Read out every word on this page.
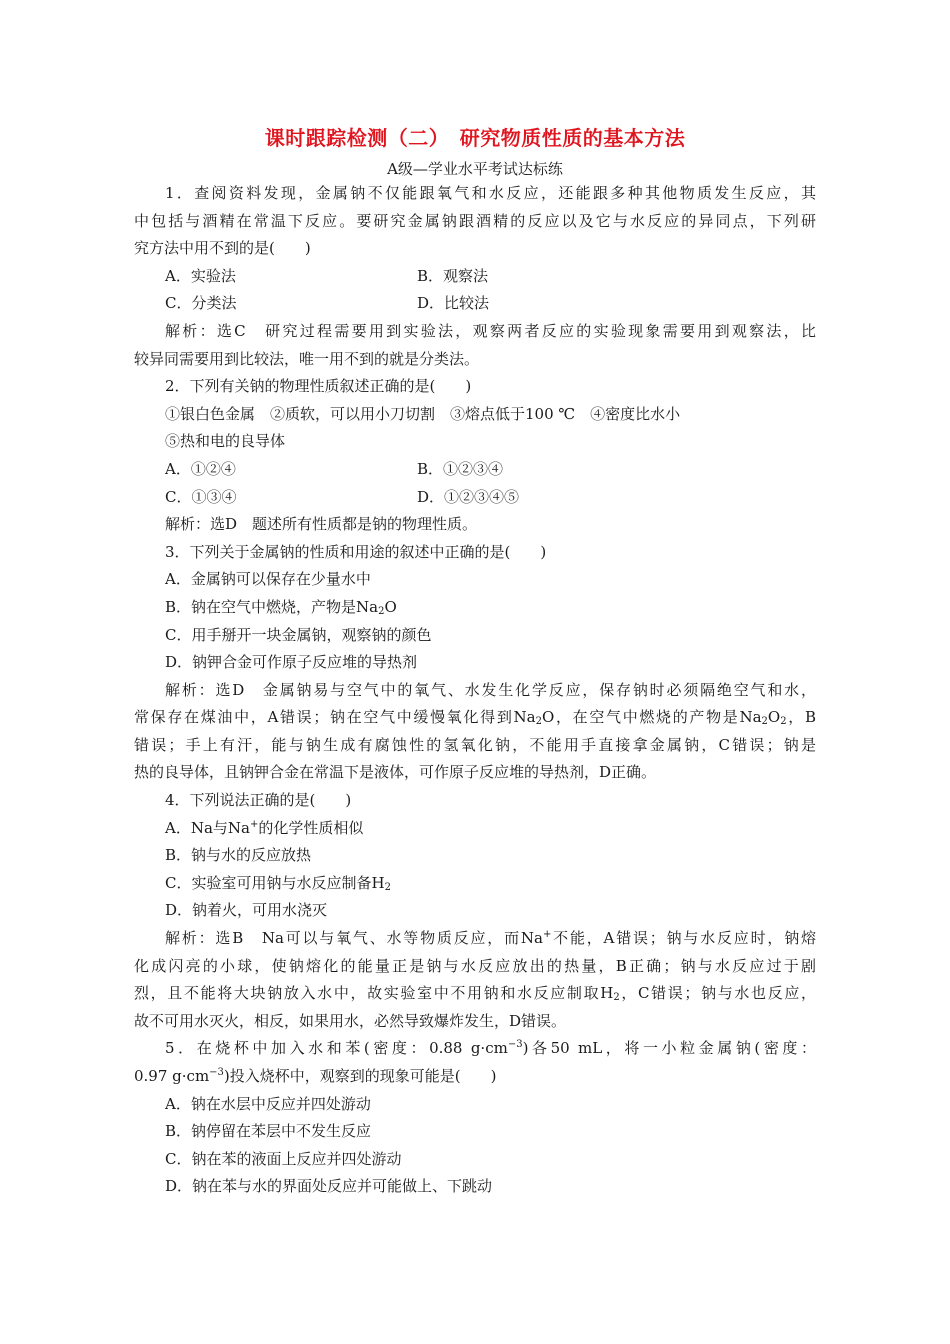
课时跟踪检测（二）　研究物质性质的基本方法
A级—学业水平考试达标练
1．查阅资料发现，金属钠不仅能跟氧气和水反应，还能跟多种其他物质发生反应，其
中包括与酒精在常温下反应。要研究金属钠跟酒精的反应以及它与水反应的异同点，下列研
究方法中用不到的是(　　)
A．实验法	B．观察法
C．分类法	D．比较法
解析：选C　研究过程需要用到实验法，观察两者反应的实验现象需要用到观察法，比
较异同需要用到比较法，唯一用不到的就是分类法。
2．下列有关钠的物理性质叙述正确的是(　　)
①银白色金属　②质软，可以用小刀切割　③熔点低于100 ℃　④密度比水小
⑤热和电的良导体
A．①②④	B．①②③④
C．①③④	D．①②③④⑤
解析：选D　题述所有性质都是钠的物理性质。
3．下列关于金属钠的性质和用途的叙述中正确的是(　　)
A．金属钠可以保存在少量水中
B．钠在空气中燃烧，产物是$Na_2O$
C．用手掰开一块金属钠，观察钠的颜色
D．钠钾合金可作原子反应堆的导热剂
解析：选D　金属钠易与空气中的氧气、水发生化学反应，保存钠时必须隔绝空气和水，
常保存在煤油中，A错误；钠在空气中缓慢氧化得到$Na_2O$，在空气中燃烧的产物是$Na_2O_2$，B
错误；手上有汗，能与钠生成有腐蚀性的氢氧化钠，不能用手直接拿金属钠，C错误；钠是
热的良导体，且钠钾合金在常温下是液体，可作原子反应堆的导热剂，D正确。
4．下列说法正确的是(　　)
A．Na与Na+的化学性质相似
B．钠与水的反应放热
C．实验室可用钠与水反应制备$H_2$
D．钠着火，可用水浇灭
解析：选B　Na可以与氧气、水等物质反应，而Na+不能，A错误；钠与水反应时，钠熔
化成闪亮的小球，使钠熔化的能量正是钠与水反应放出的热量，B正确；钠与水反应过于剧
烈，且不能将大块钠放入水中，故实验室中不用钠和水反应制取$H_2$，C错误；钠与水也反应，
故不可用水灭火，相反，如果用水，必然导致爆炸发生，D错误。
5．在烧杯中加入水和苯(密度：0.88 $g\cdot cm^{-3}$)各50 mL，将一小粒金属钠(密度：
0.97 $g\cdot cm^{-3}$)投入烧杯中，观察到的现象可能是(　　)
A．钠在水层中反应并四处游动
B．钠停留在苯层中不发生反应
C．钠在苯的液面上反应并四处游动
D．钠在苯与水的界面处反应并可能做上、下跳动
